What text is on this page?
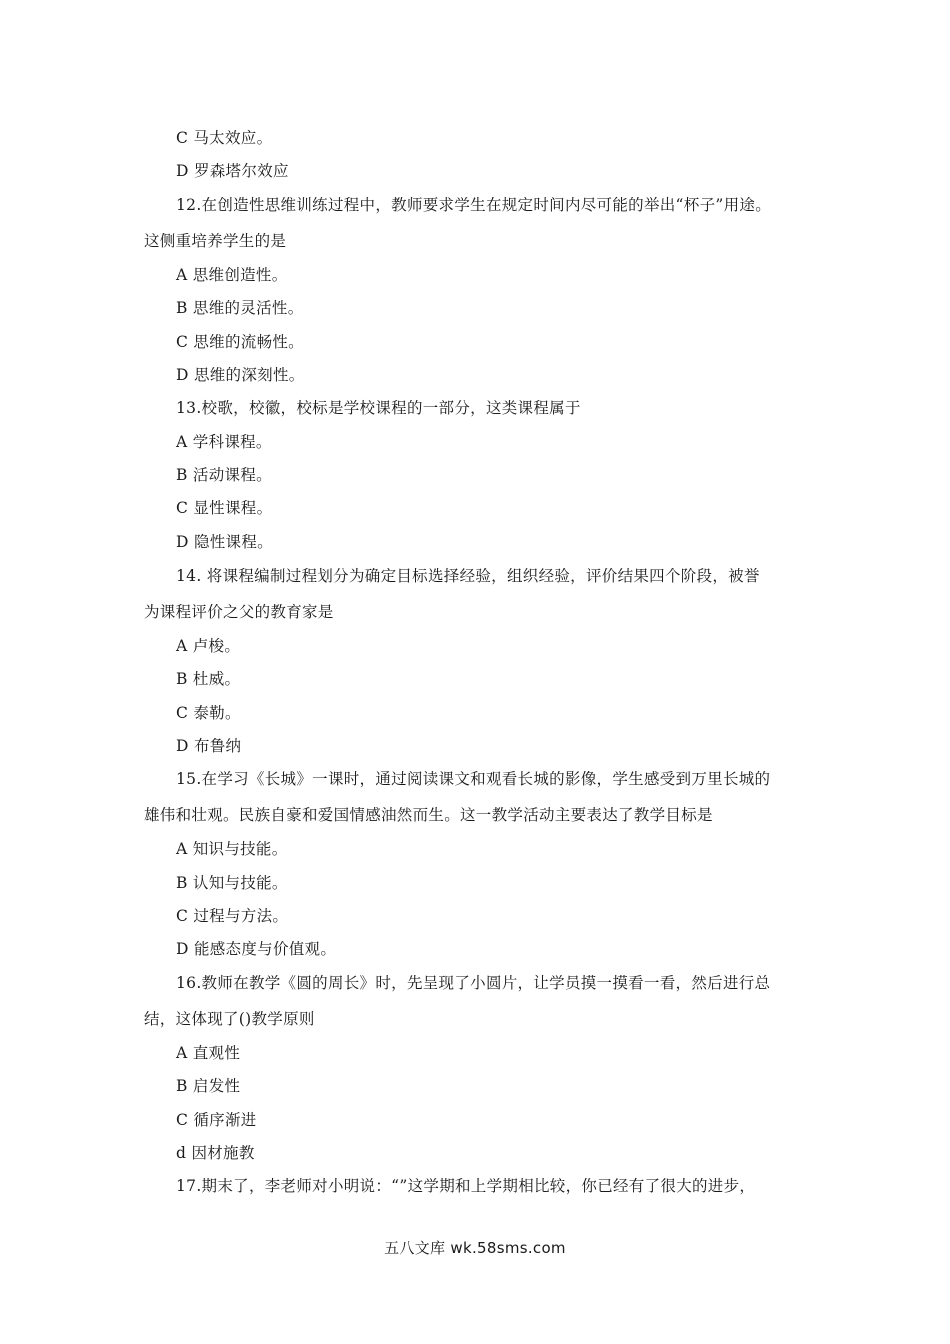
C 马太效应。
D 罗森塔尔效应
12.在创造性思维训练过程中，教师要求学生在规定时间内尽可能的举出“杯子”用途。
这侧重培养学生的是
A 思维创造性。
B 思维的灵活性。
C 思维的流畅性。
D 思维的深刻性。
13.校歌，校徽，校标是学校课程的一部分，这类课程属于
A 学科课程。
B 活动课程。
C 显性课程。
D 隐性课程。
14. 将课程编制过程划分为确定目标选择经验，组织经验，评价结果四个阶段，被誉
为课程评价之父的教育家是
A 卢梭。
B 杜威。
C 泰勒。
D 布鲁纳
15.在学习《长城》一课时，通过阅读课文和观看长城的影像，学生感受到万里长城的
雄伟和壮观。民族自豪和爱国情感油然而生。这一教学活动主要表达了教学目标是
A 知识与技能。
B 认知与技能。
C 过程与方法。
D 能感态度与价值观。
16.教师在教学《圆的周长》时，先呈现了小圆片，让学员摸一摸看一看，然后进行总
结，这体现了()教学原则
A 直观性
B 启发性
C 循序渐进
d 因材施教
17.期末了，李老师对小明说：“”这学期和上学期相比较，你已经有了很大的进步，
五八文库 wk.58sms.com
